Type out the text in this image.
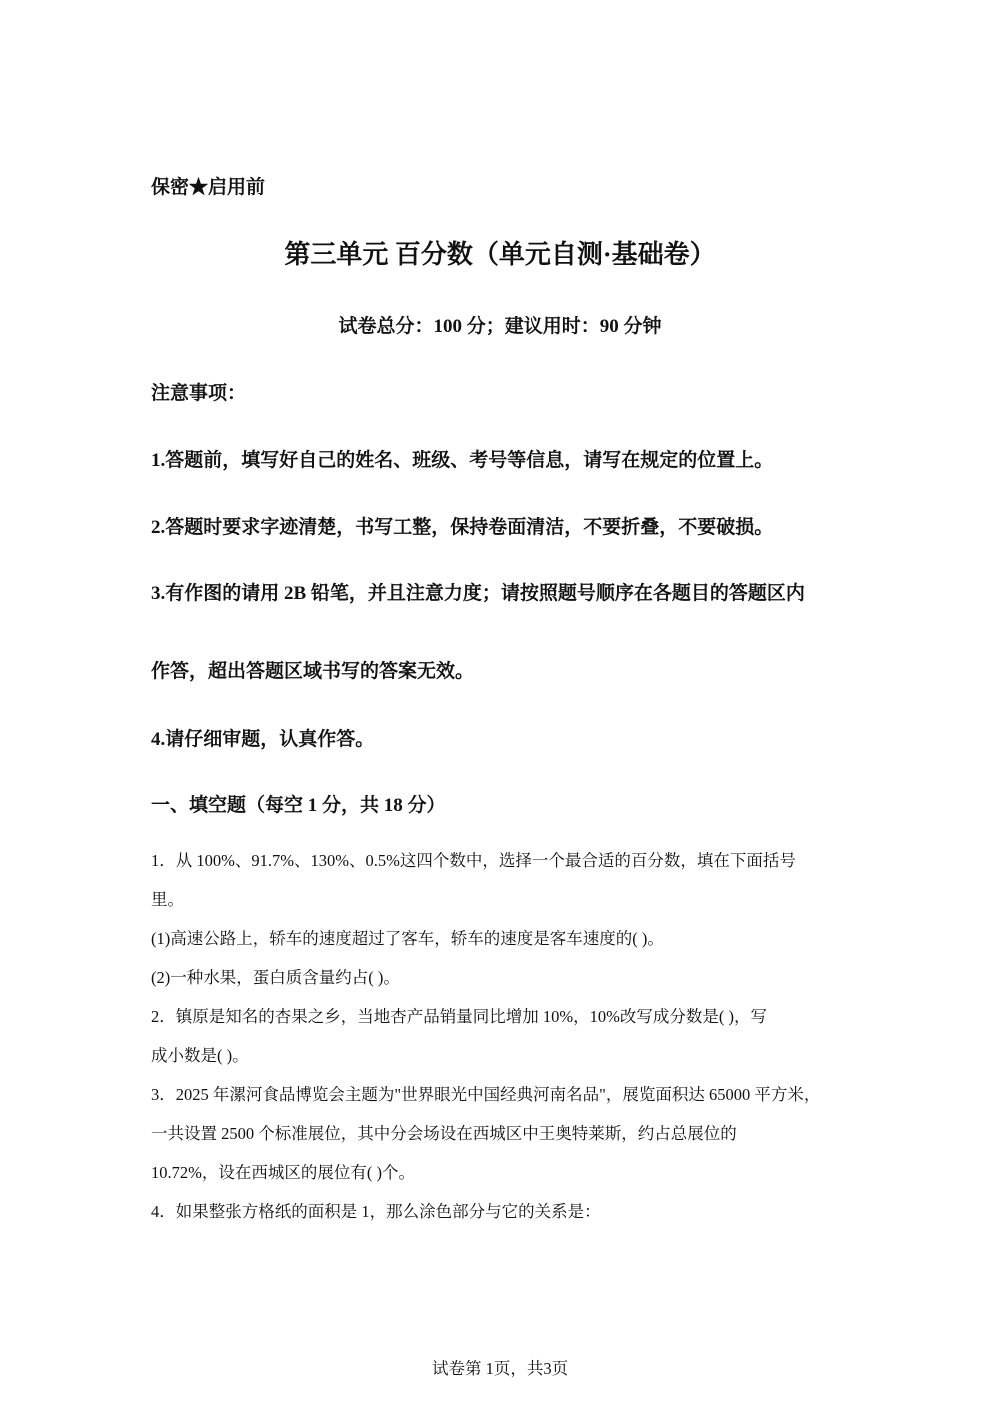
保密★启用前
第三单元 百分数（单元自测·基础卷）
试卷总分：100 分；建议用时：90 分钟
注意事项：
1.答题前，填写好自己的姓名、班级、考号等信息，请写在规定的位置上。
2.答题时要求字迹清楚，书写工整，保持卷面清洁，不要折叠，不要破损。
3.有作图的请用 2B 铅笔，并且注意力度；请按照题号顺序在各题目的答题区内
作答，超出答题区域书写的答案无效。
4.请仔细审题，认真作答。
一、填空题（每空 1 分，共 18 分）
1．从 100%、91.7%、130%、0.5%这四个数中，选择一个最合适的百分数，填在下面括号
里。
(1)高速公路上，轿车的速度超过了客车，轿车的速度是客车速度的( )。
(2)一种水果，蛋白质含量约占( )。
2．镇原是知名的杏果之乡，当地杏产品销量同比增加 10%，10%改写成分数是( )，写
成小数是( )。
3．2025 年漯河食品博览会主题为"世界眼光中国经典河南名品"，展览面积达 65000 平方米，
一共设置 2500 个标准展位，其中分会场设在西城区中王奥特莱斯，约占总展位的
10.72%，设在西城区的展位有( )个。
4．如果整张方格纸的面积是 1，那么涂色部分与它的关系是：
试卷第 1页，共3页
